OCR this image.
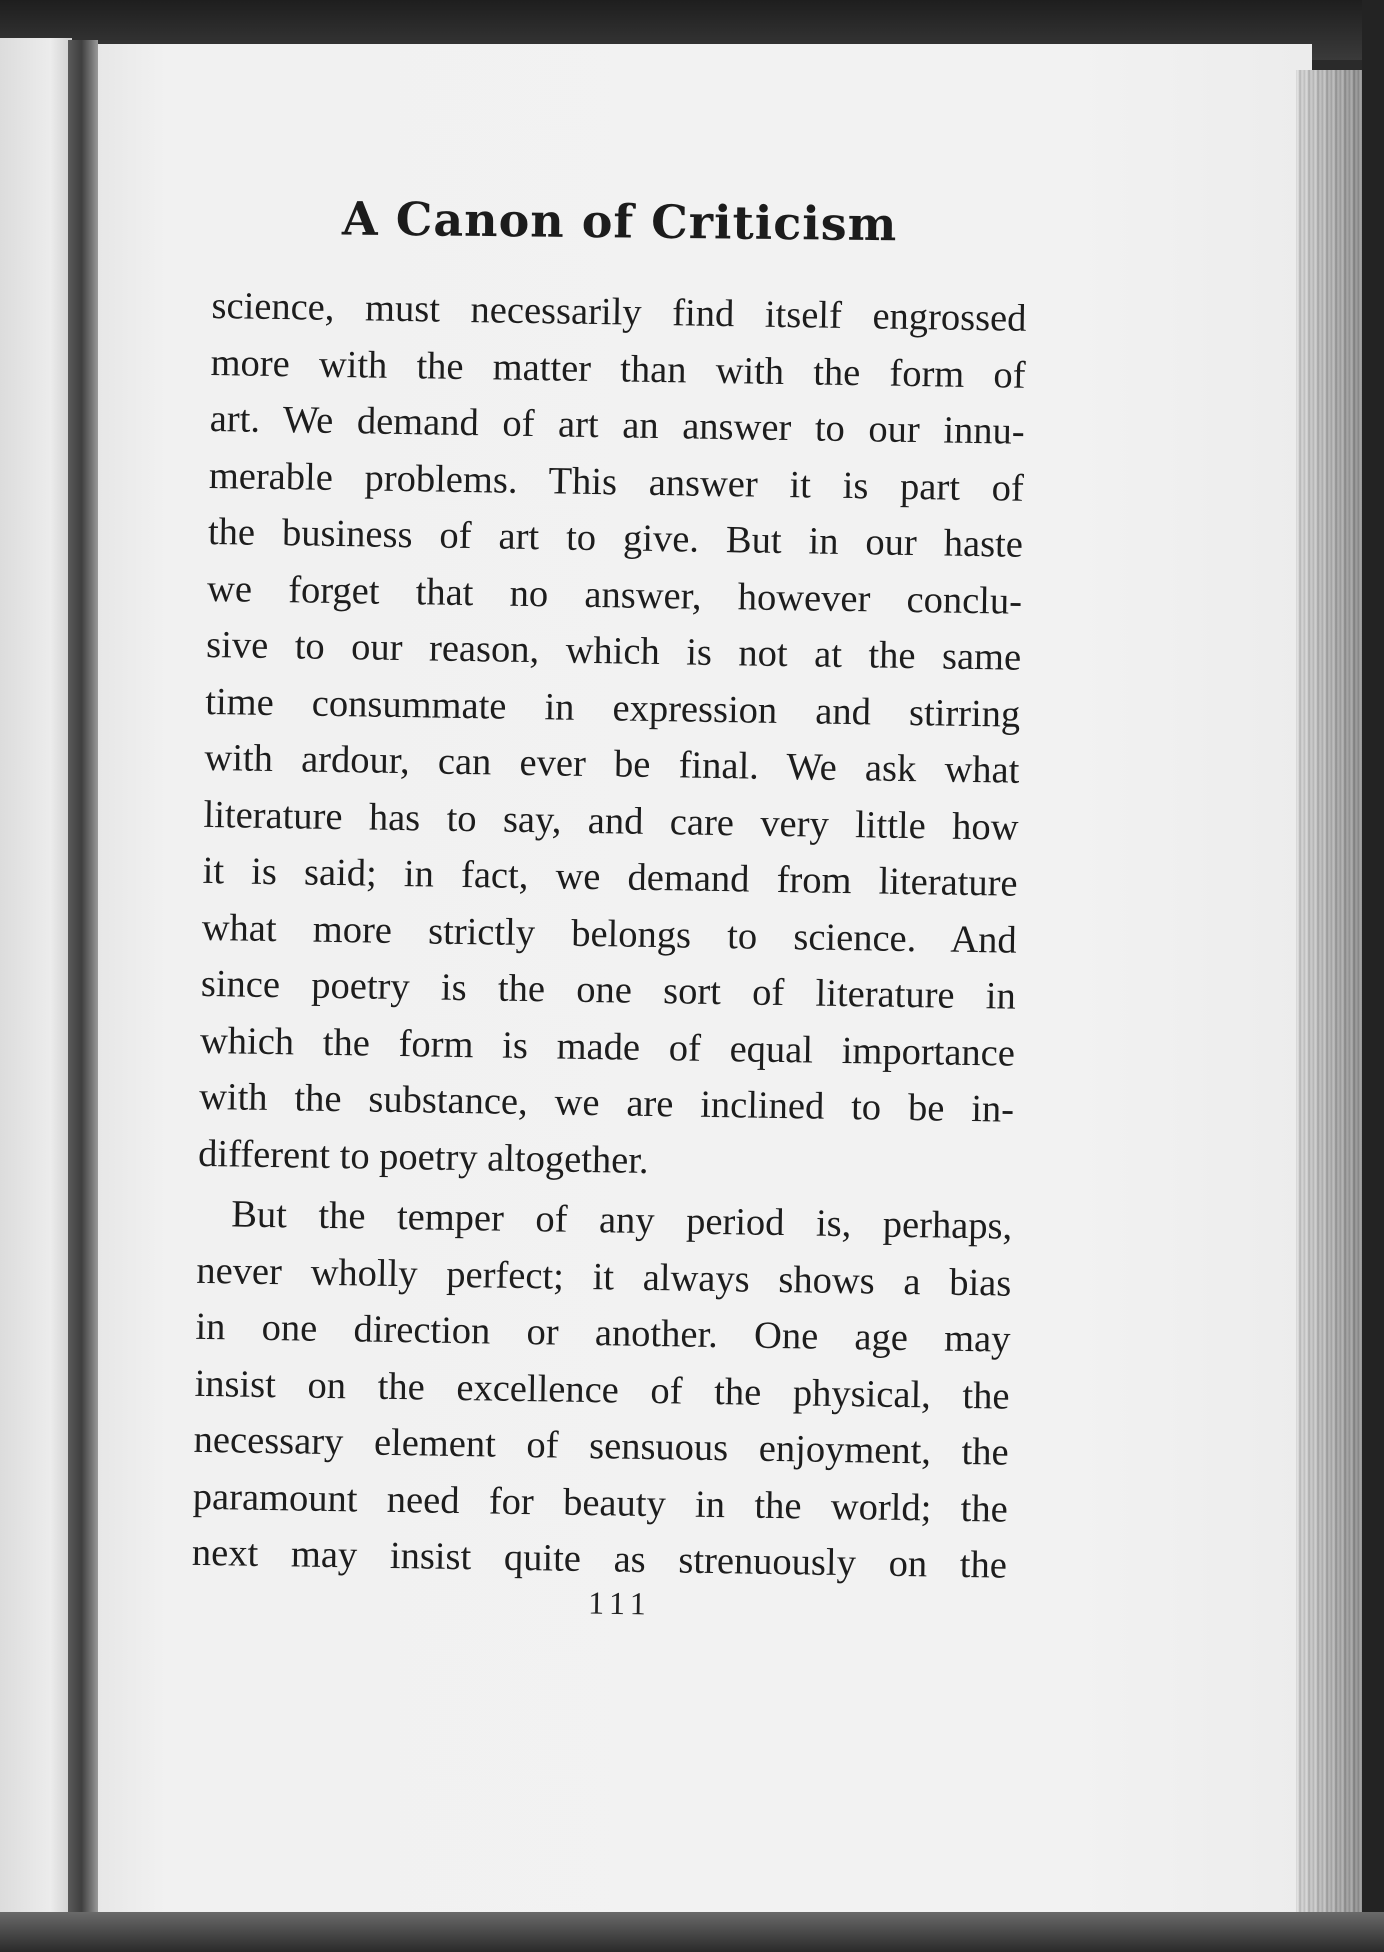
A Canon of Criticism
science, must necessarily find itself engrossed
more with the matter than with the form of
art. We demand of art an answer to our innu-
merable problems. This answer it is part of
the business of art to give. But in our haste
we forget that no answer, however conclu-
sive to our reason, which is not at the same
time consummate in expression and stirring
with ardour, can ever be final. We ask what
literature has to say, and care very little how
it is said; in fact, we demand from literature
what more strictly belongs to science. And
since poetry is the one sort of literature in
which the form is made of equal importance
with the substance, we are inclined to be in-
different to poetry altogether.
But the temper of any period is, perhaps,
never wholly perfect; it always shows a bias
in one direction or another. One age may
insist on the excellence of the physical, the
necessary element of sensuous enjoyment, the
paramount need for beauty in the world; the
next may insist quite as strenuously on the
111
